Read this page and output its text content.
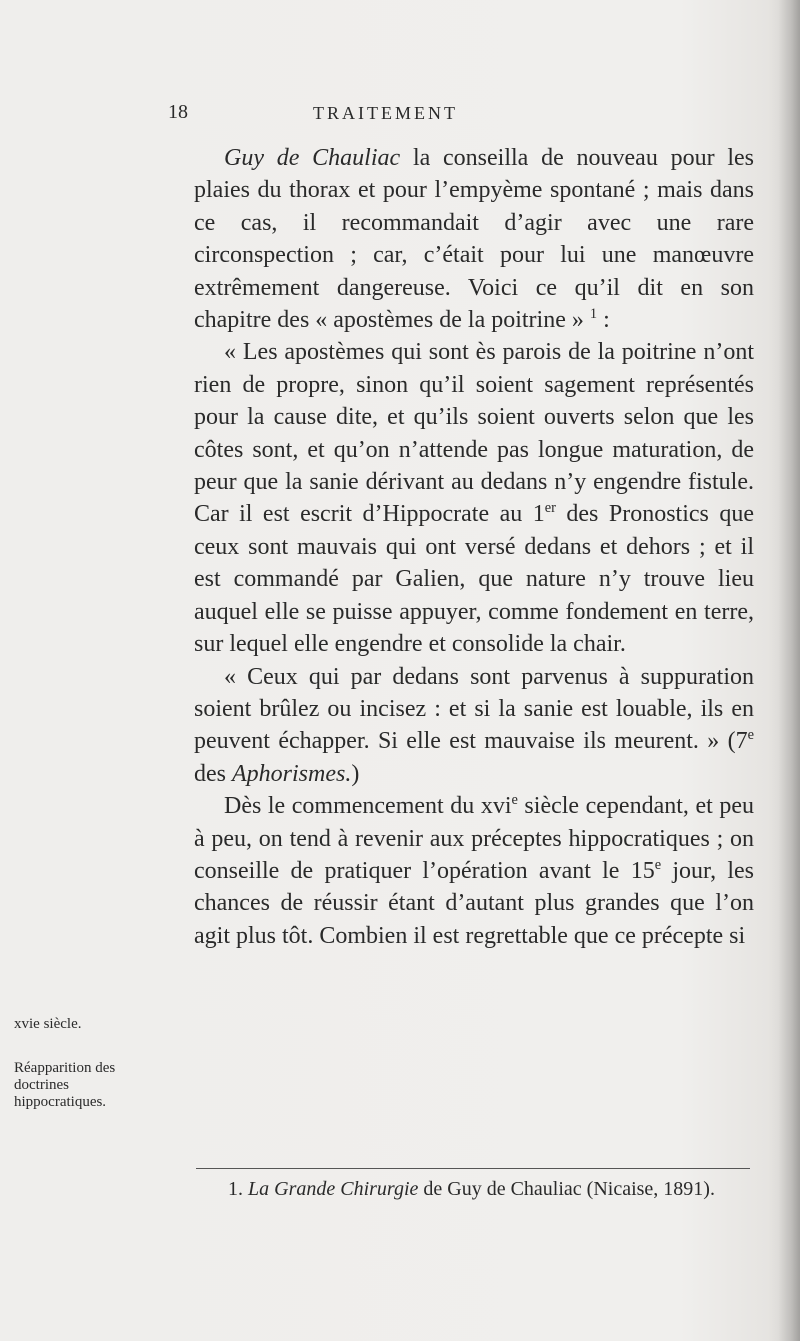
18	TRAITEMENT
xvie siècle.
Réapparition des doctrines hippocratiques.

Guy de Chauliac la conseilla de nouveau pour les plaies du thorax et pour l’empyème spontané ; mais dans ce cas, il recommandait d’agir avec une rare circonspection ; car, c’était pour lui une manœuvre extrêmement dangereuse. Voici ce qu’il dit en son chapitre des « apostèmes de la poitrine » $^1$ :

« Les apostèmes qui sont ès parois de la poitrine n’ont rien de propre, sinon qu’il soient sagement représentés pour la cause dite, et qu’ils soient ouverts selon que les côtes sont, et qu’on n’attende pas longue maturation, de peur que la sanie dérivant au dedans n’y engendre fistule. Car il est escrit d’Hippocrate au 1er des Pronostics que ceux sont mauvais qui ont versé dedans et dehors ; et il est commandé par Galien, que nature n’y trouve lieu auquel elle se puisse appuyer, comme fondement en terre, sur lequel elle engendre et consolide la chair.

« Ceux qui par dedans sont parvenus à suppuration soient brûlez ou incisez : et si la sanie est louable, ils en peuvent échapper. Si elle est mauvaise ils meurent. » (7e des Aphorismes.)

Dès le commencement du xvi$^e$ siècle cependant, et peu à peu, on tend à revenir aux préceptes hippocratiques ; on conseille de pratiquer l’opération avant le 15e jour, les chances de réussir étant d’autant plus grandes que l’on agit plus tôt. Combien il est regrettable que ce précepte si

1. La Grande Chirurgie de Guy de Chauliac (Nicaise, 1891).
